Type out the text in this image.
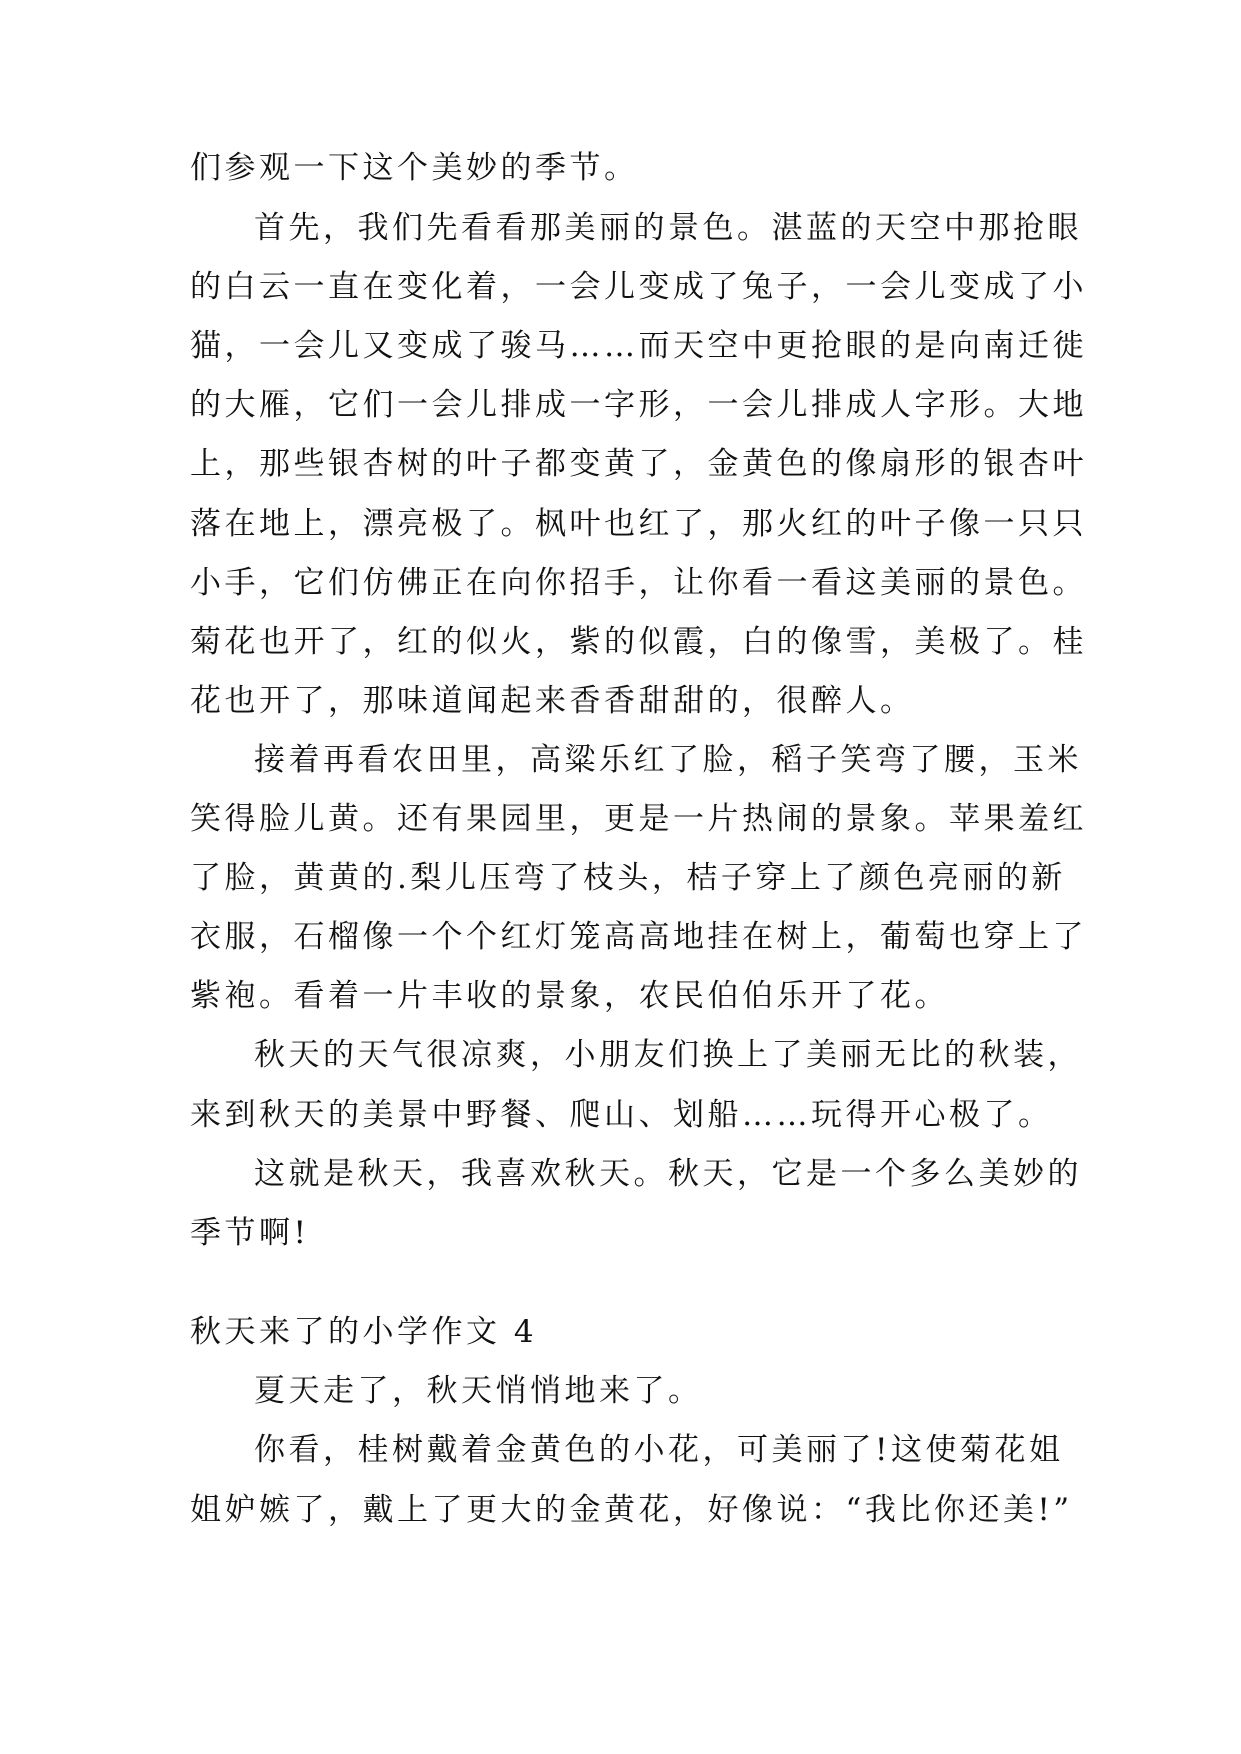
们参观一下这个美妙的季节。
首先，我们先看看那美丽的景色。湛蓝的天空中那抢眼
的白云一直在变化着，一会儿变成了兔子，一会儿变成了小
猫，一会儿又变成了骏马……而天空中更抢眼的是向南迁徙
的大雁，它们一会儿排成一字形，一会儿排成人字形。大地
上，那些银杏树的叶子都变黄了，金黄色的像扇形的银杏叶
落在地上，漂亮极了。枫叶也红了，那火红的叶子像一只只
小手，它们仿佛正在向你招手，让你看一看这美丽的景色。
菊花也开了，红的似火，紫的似霞，白的像雪，美极了。桂
花也开了，那味道闻起来香香甜甜的，很醉人。
接着再看农田里，高粱乐红了脸，稻子笑弯了腰，玉米
笑得脸儿黄。还有果园里，更是一片热闹的景象。苹果羞红
了脸，黄黄的.梨儿压弯了枝头，桔子穿上了颜色亮丽的新
衣服，石榴像一个个红灯笼高高地挂在树上，葡萄也穿上了
紫袍。看着一片丰收的景象，农民伯伯乐开了花。
秋天的天气很凉爽，小朋友们换上了美丽无比的秋装，
来到秋天的美景中野餐、爬山、划船……玩得开心极了。
这就是秋天，我喜欢秋天。秋天，它是一个多么美妙的
季节啊!
秋天来了的小学作文 4
夏天走了，秋天悄悄地来了。
你看，桂树戴着金黄色的小花，可美丽了!这使菊花姐
姐妒嫉了，戴上了更大的金黄花，好像说：“我比你还美!”
